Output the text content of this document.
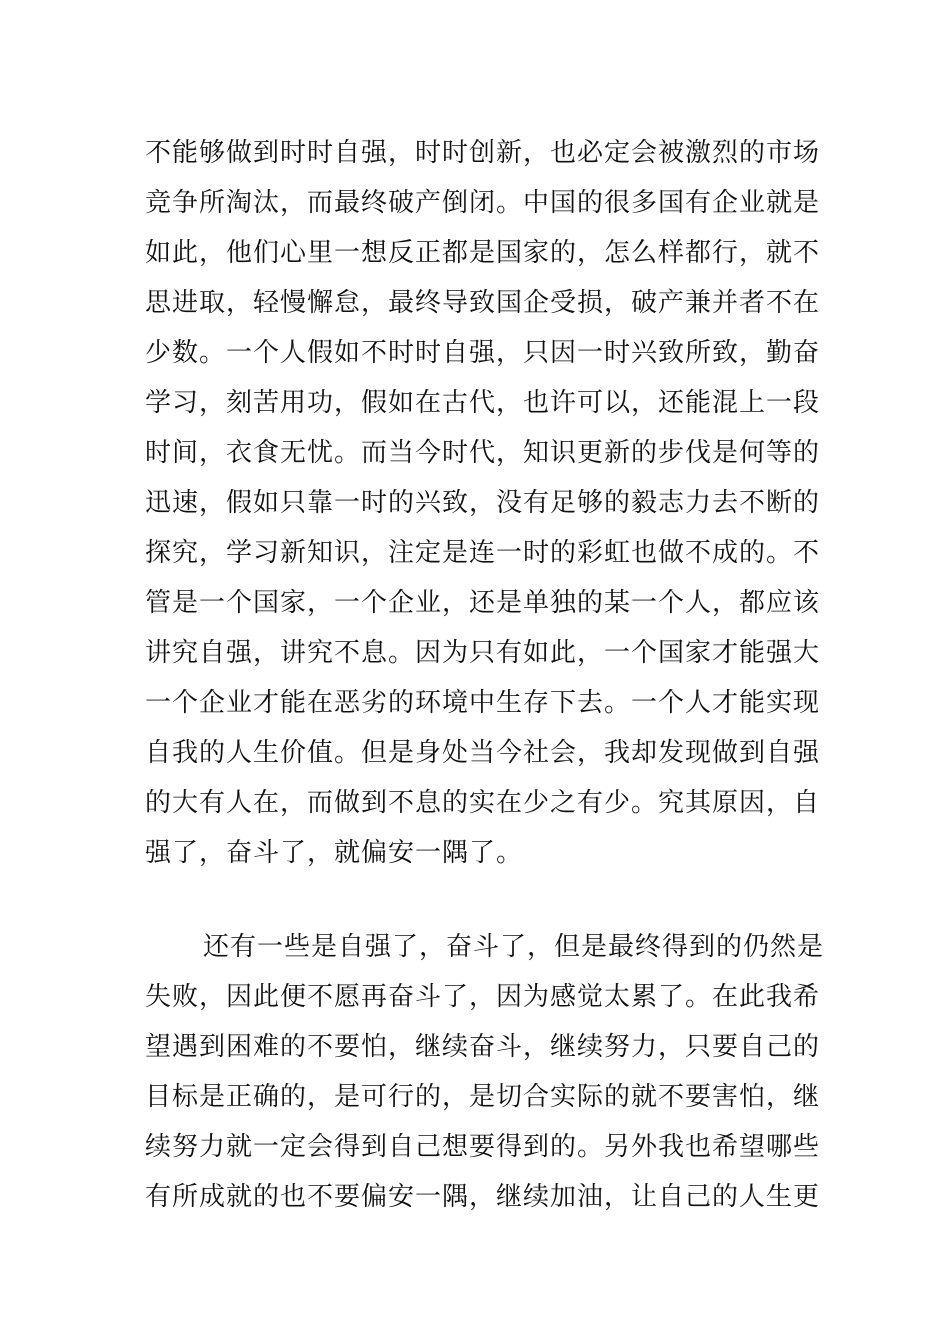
不能够做到时时自强，时时创新，也必定会被激烈的市场
竞争所淘汰，而最终破产倒闭。中国的很多国有企业就是
如此，他们心里一想反正都是国家的，怎么样都行，就不
思进取，轻慢懈怠，最终导致国企受损，破产兼并者不在
少数。一个人假如不时时自强，只因一时兴致所致，勤奋
学习，刻苦用功，假如在古代，也许可以，还能混上一段
时间，衣食无忧。而当今时代，知识更新的步伐是何等的
迅速，假如只靠一时的兴致，没有足够的毅志力去不断的
探究，学习新知识，注定是连一时的彩虹也做不成的。不
管是一个国家，一个企业，还是单独的某一个人，都应该
讲究自强，讲究不息。因为只有如此，一个国家才能强大
一个企业才能在恶劣的环境中生存下去。一个人才能实现
自我的人生价值。但是身处当今社会，我却发现做到自强
的大有人在，而做到不息的实在少之有少。究其原因，自
强了，奋斗了，就偏安一隅了。
还有一些是自强了，奋斗了，但是最终得到的仍然是
失败，因此便不愿再奋斗了，因为感觉太累了。在此我希
望遇到困难的不要怕，继续奋斗，继续努力，只要自己的
目标是正确的，是可行的，是切合实际的就不要害怕，继
续努力就一定会得到自己想要得到的。另外我也希望哪些
有所成就的也不要偏安一隅，继续加油，让自己的人生更
